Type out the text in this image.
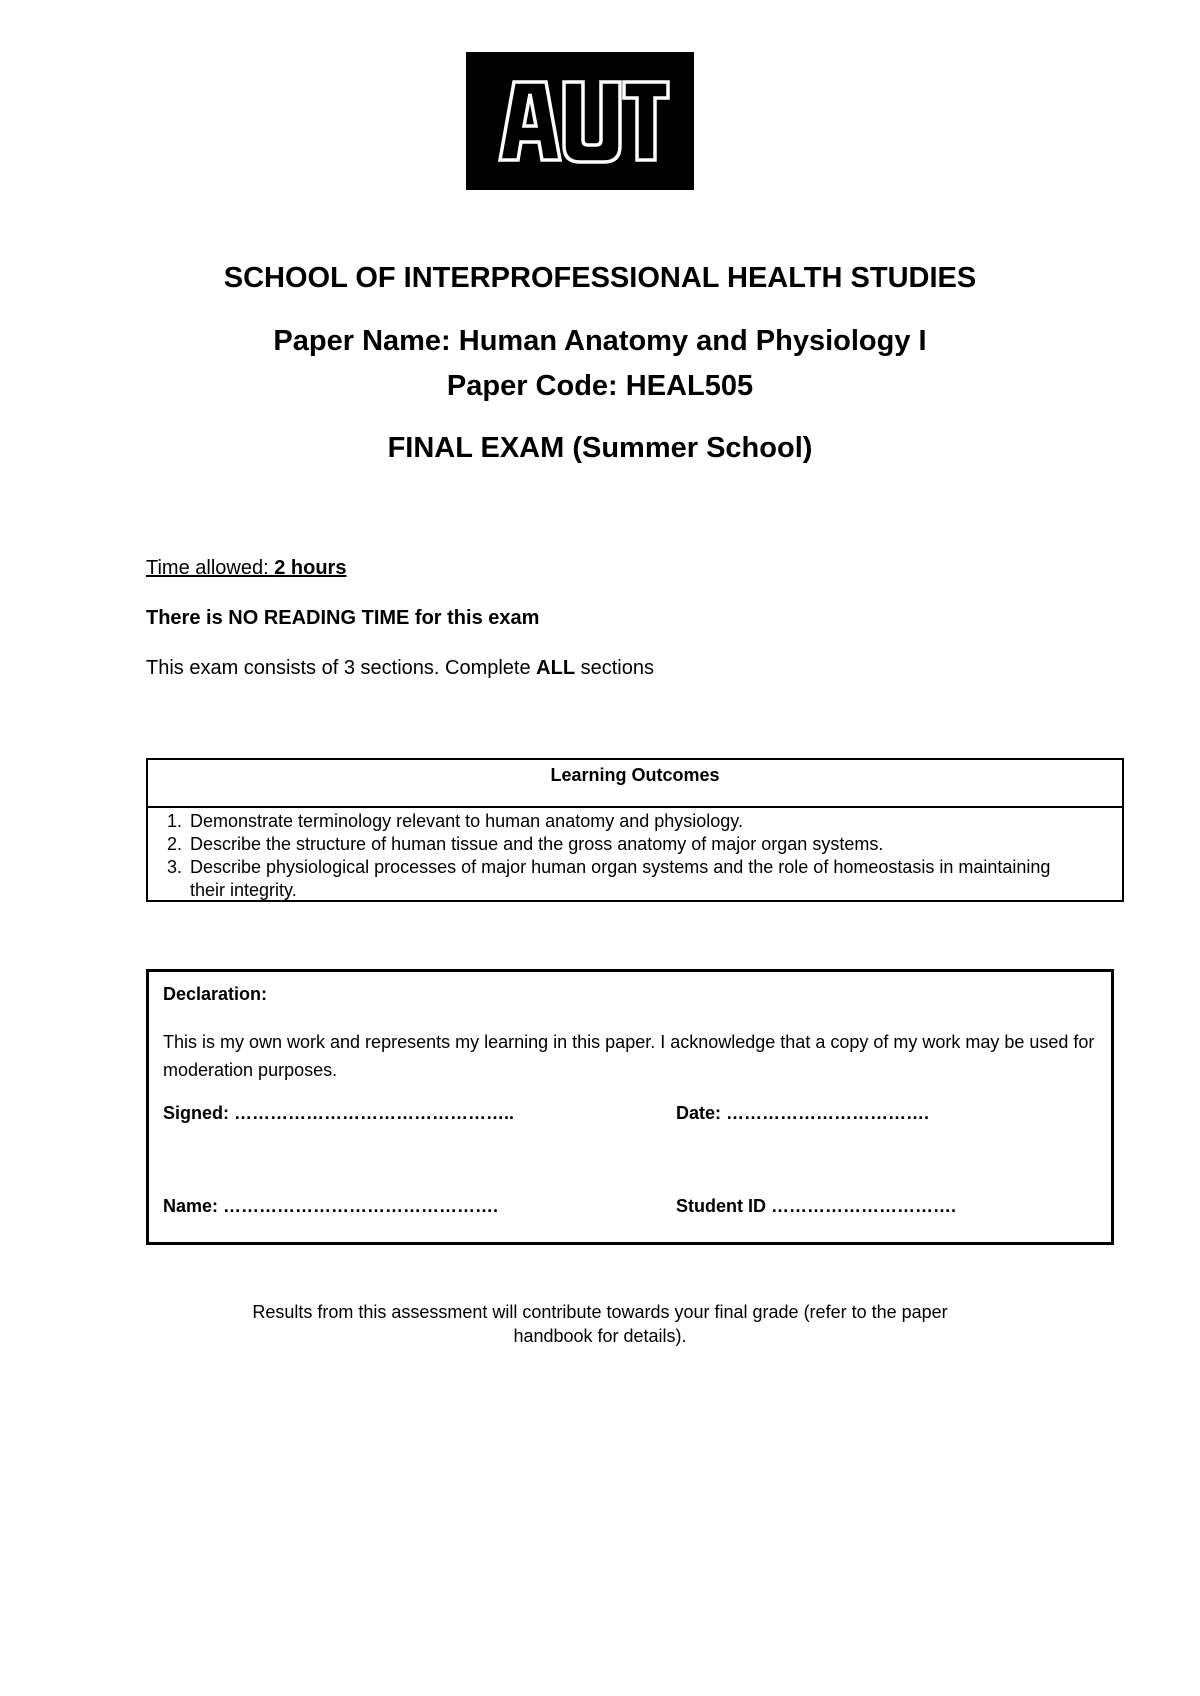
SCHOOL OF INTERPROFESSIONAL HEALTH STUDIES
Paper Name: Human Anatomy and Physiology I
Paper Code: HEAL505
FINAL EXAM (Summer School)
Time allowed: 2 hours
There is NO READING TIME for this exam
This exam consists of 3 sections. Complete ALL sections
Learning Outcomes
1. Demonstrate terminology relevant to human anatomy and physiology.
2. Describe the structure of human tissue and the gross anatomy of major organ systems.
3. Describe physiological processes of major human organ systems and the role of homeostasis in maintaining their integrity.
Declaration:
This is my own work and represents my learning in this paper. I acknowledge that a copy of my work may be used for moderation purposes.
Signed: ………………………………………..	Date: …………………………….
Name: ……………………………………….	Student ID ………………………….
Results from this assessment will contribute towards your final grade (refer to the paper
handbook for details).
